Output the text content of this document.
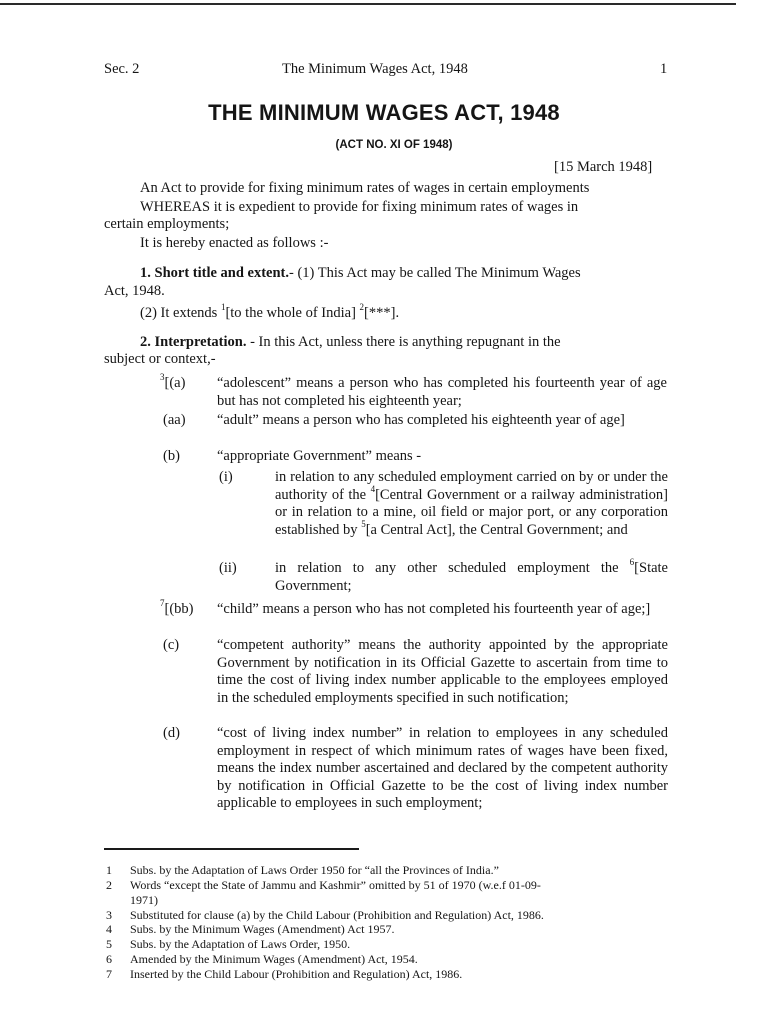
Sec. 2	The Minimum Wages Act, 1948	1
THE MINIMUM WAGES ACT, 1948
(ACT NO. XI OF 1948)
[15 March 1948]
An Act to provide for fixing minimum rates of wages in certain employments
WHEREAS it is expedient to provide for fixing minimum rates of wages in
certain employments;
It is hereby enacted as follows :-
1. Short title and extent.- (1) This Act may be called The Minimum Wages
Act, 1948.
(2) It extends $^1$[to the whole of India] $^2$[***].
2. Interpretation. - In this Act, unless there is anything repugnant in the
subject or context,-
$^3$[(a) “adolescent” means a person who has completed his fourteenth year of age but has not completed his eighteenth year;
(aa) “adult” means a person who has completed his eighteenth year of age]
(b)	“appropriate Government” means -
(i)	in relation to any scheduled employment carried on by or under the authority of the $^4$[Central Government or a railway administration] or in relation to a mine, oil field or major port, or any corporation established by $^5$[a Central Act], the Central Government; and
(ii)	in relation to any other scheduled employment the $^6$[State Government;
$^7$[(bb) “child” means a person who has not completed his fourteenth year of age;]
(c)	“competent authority” means the authority appointed by the appropriate Government by notification in its Official Gazette to ascertain from time to time the cost of living index number applicable to the employees employed in the scheduled employments specified in such notification;
(d)	“cost of living index number” in relation to employees in any scheduled employment in respect of which minimum rates of wages have been fixed, means the index number ascertained and declared by the competent authority by notification in Official Gazette to be the cost of living index number applicable to employees in such employment;
1 Subs. by the Adaptation of Laws Order 1950 for “all the Provinces of India.”
2 Words “except the State of Jammu and Kashmir” omitted by 51 of 1970 (w.e.f 01-09-
1971)
3 Substituted for clause (a) by the Child Labour (Prohibition and Regulation) Act, 1986.
4 Subs. by the Minimum Wages (Amendment) Act 1957.
5 Subs. by the Adaptation of Laws Order, 1950.
6 Amended by the Minimum Wages (Amendment) Act, 1954.
7 Inserted by the Child Labour (Prohibition and Regulation) Act, 1986.
